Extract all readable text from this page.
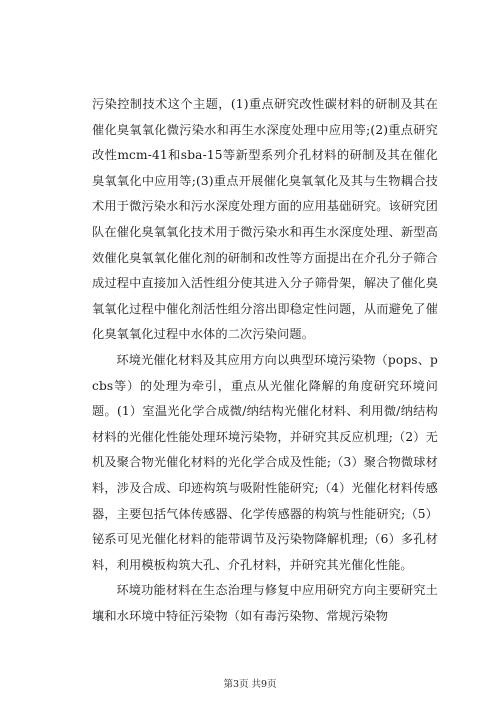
污染控制技术这个主题，(1)重点研究改性碳材料的研制及其在催化臭氧氧化微污染水和再生水深度处理中应用等;(2)重点研究改性mcm-41和sba-15等新型系列介孔材料的研制及其在催化臭氧氧化中应用等;(3)重点开展催化臭氧氧化及其与生物耦合技术用于微污染水和污水深度处理方面的应用基础研究。该研究团队在催化臭氧氧化技术用于微污染水和再生水深度处理、新型高效催化臭氧氧化催化剂的研制和改性等方面提出在介孔分子筛合成过程中直接加入活性组分使其进入分子筛骨架，解决了催化臭氧氧化过程中催化剂活性组分溶出即稳定性问题，从而避免了催化臭氧氧化过程中水体的二次污染问题。

环境光催化材料及其应用方向以典型环境污染物（pops、pcbs等）的处理为牵引，重点从光催化降解的角度研究环境问题。(1）室温光化学合成微/纳结构光催化材料、利用微/纳结构材料的光催化性能处理环境污染物，并研究其反应机理;（2）无机及聚合物光催化材料的光化学合成及性能;（3）聚合物微球材料，涉及合成、印迹构筑与吸附性能研究;（4）光催化材料传感器，主要包括气体传感器、化学传感器的构筑与性能研究;（5）铋系可见光催化材料的能带调节及污染物降解机理;（6）多孔材料，利用模板构筑大孔、介孔材料，并研究其光催化性能。

环境功能材料在生态治理与修复中应用研究方向主要研究土壤和水环境中特征污染物（如有毒污染物、常规污染物

第3页 共9页
